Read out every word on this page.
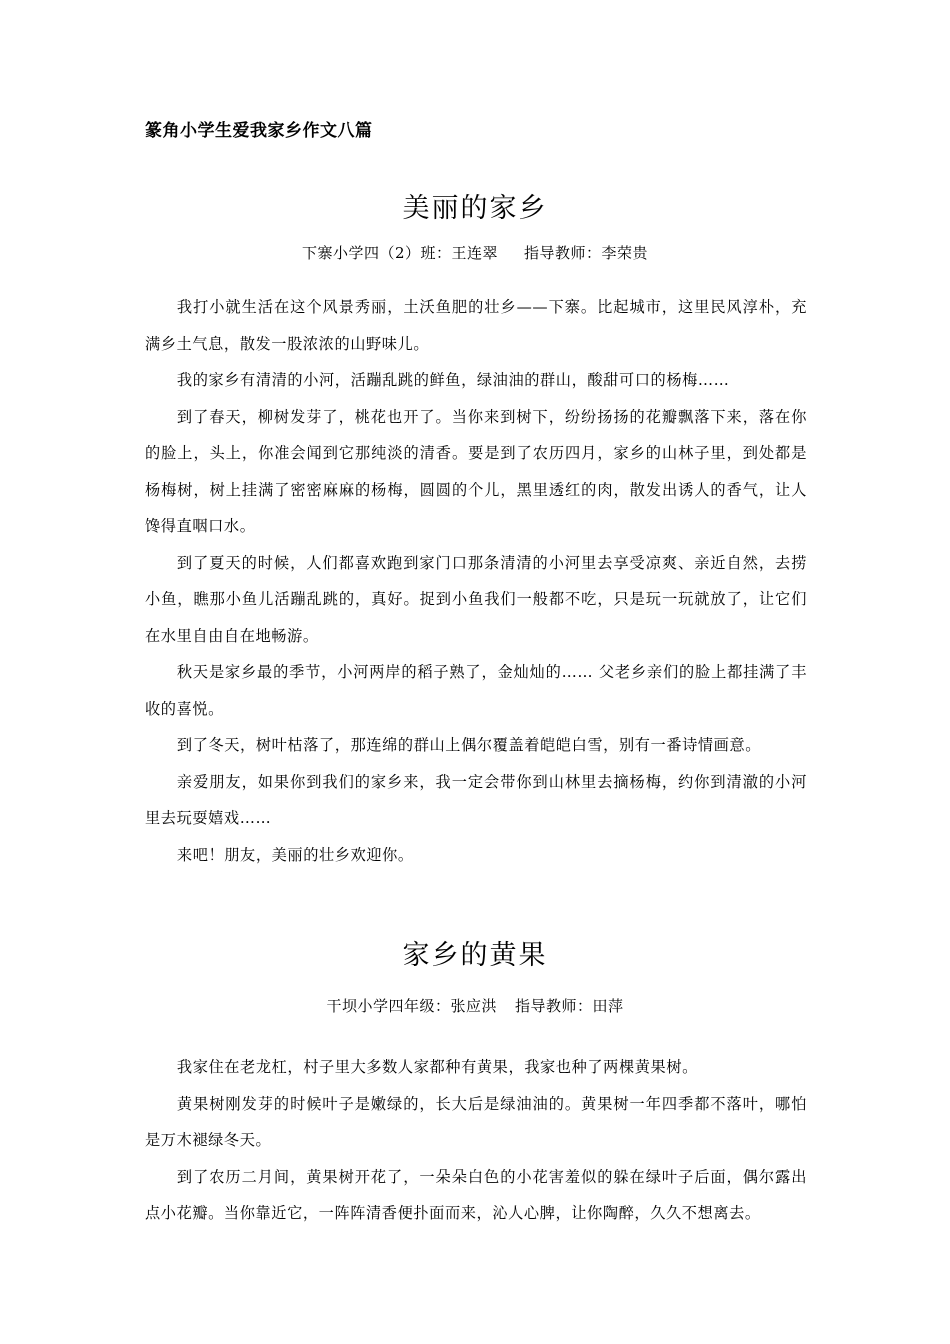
篆角小学生爱我家乡作文八篇
美丽的家乡
下寨小学四（2）班：王连翠 指导教师：李荣贵

我打小就生活在这个风景秀丽，土沃鱼肥的壮乡——下寨。比起城市，这里民风淳朴，充满乡土气息，散发一股浓浓的山野味儿。

我的家乡有清清的小河，活蹦乱跳的鲜鱼，绿油油的群山，酸甜可口的杨梅……

到了春天，柳树发芽了，桃花也开了。当你来到树下，纷纷扬扬的花瓣飘落下来，落在你的脸上，头上，你准会闻到它那纯淡的清香。要是到了农历四月，家乡的山林子里，到处都是杨梅树，树上挂满了密密麻麻的杨梅，圆圆的个儿，黑里透红的肉，散发出诱人的香气，让人馋得直咽口水。

到了夏天的时候，人们都喜欢跑到家门口那条清清的小河里去享受凉爽、亲近自然，去捞小鱼，瞧那小鱼儿活蹦乱跳的，真好。捉到小鱼我们一般都不吃，只是玩一玩就放了，让它们在水里自由自在地畅游。

秋天是家乡最的季节，小河两岸的稻子熟了，金灿灿的…… 父老乡亲们的脸上都挂满了丰收的喜悦。

到了冬天，树叶枯落了，那连绵的群山上偶尔覆盖着皑皑白雪，别有一番诗情画意。

亲爱朋友，如果你到我们的家乡来，我一定会带你到山林里去摘杨梅，约你到清澈的小河里去玩耍嬉戏……

来吧！朋友，美丽的壮乡欢迎你。

家乡的黄果
干坝小学四年级：张应洪 指导教师：田萍

我家住在老龙杠，村子里大多数人家都种有黄果，我家也种了两棵黄果树。

黄果树刚发芽的时候叶子是嫩绿的，长大后是绿油油的。黄果树一年四季都不落叶，哪怕是万木褪绿冬天。

到了农历二月间，黄果树开花了，一朵朵白色的小花害羞似的躲在绿叶子后面，偶尔露出点小花瓣。当你靠近它，一阵阵清香便扑面而来，沁人心脾，让你陶醉，久久不想离去。
